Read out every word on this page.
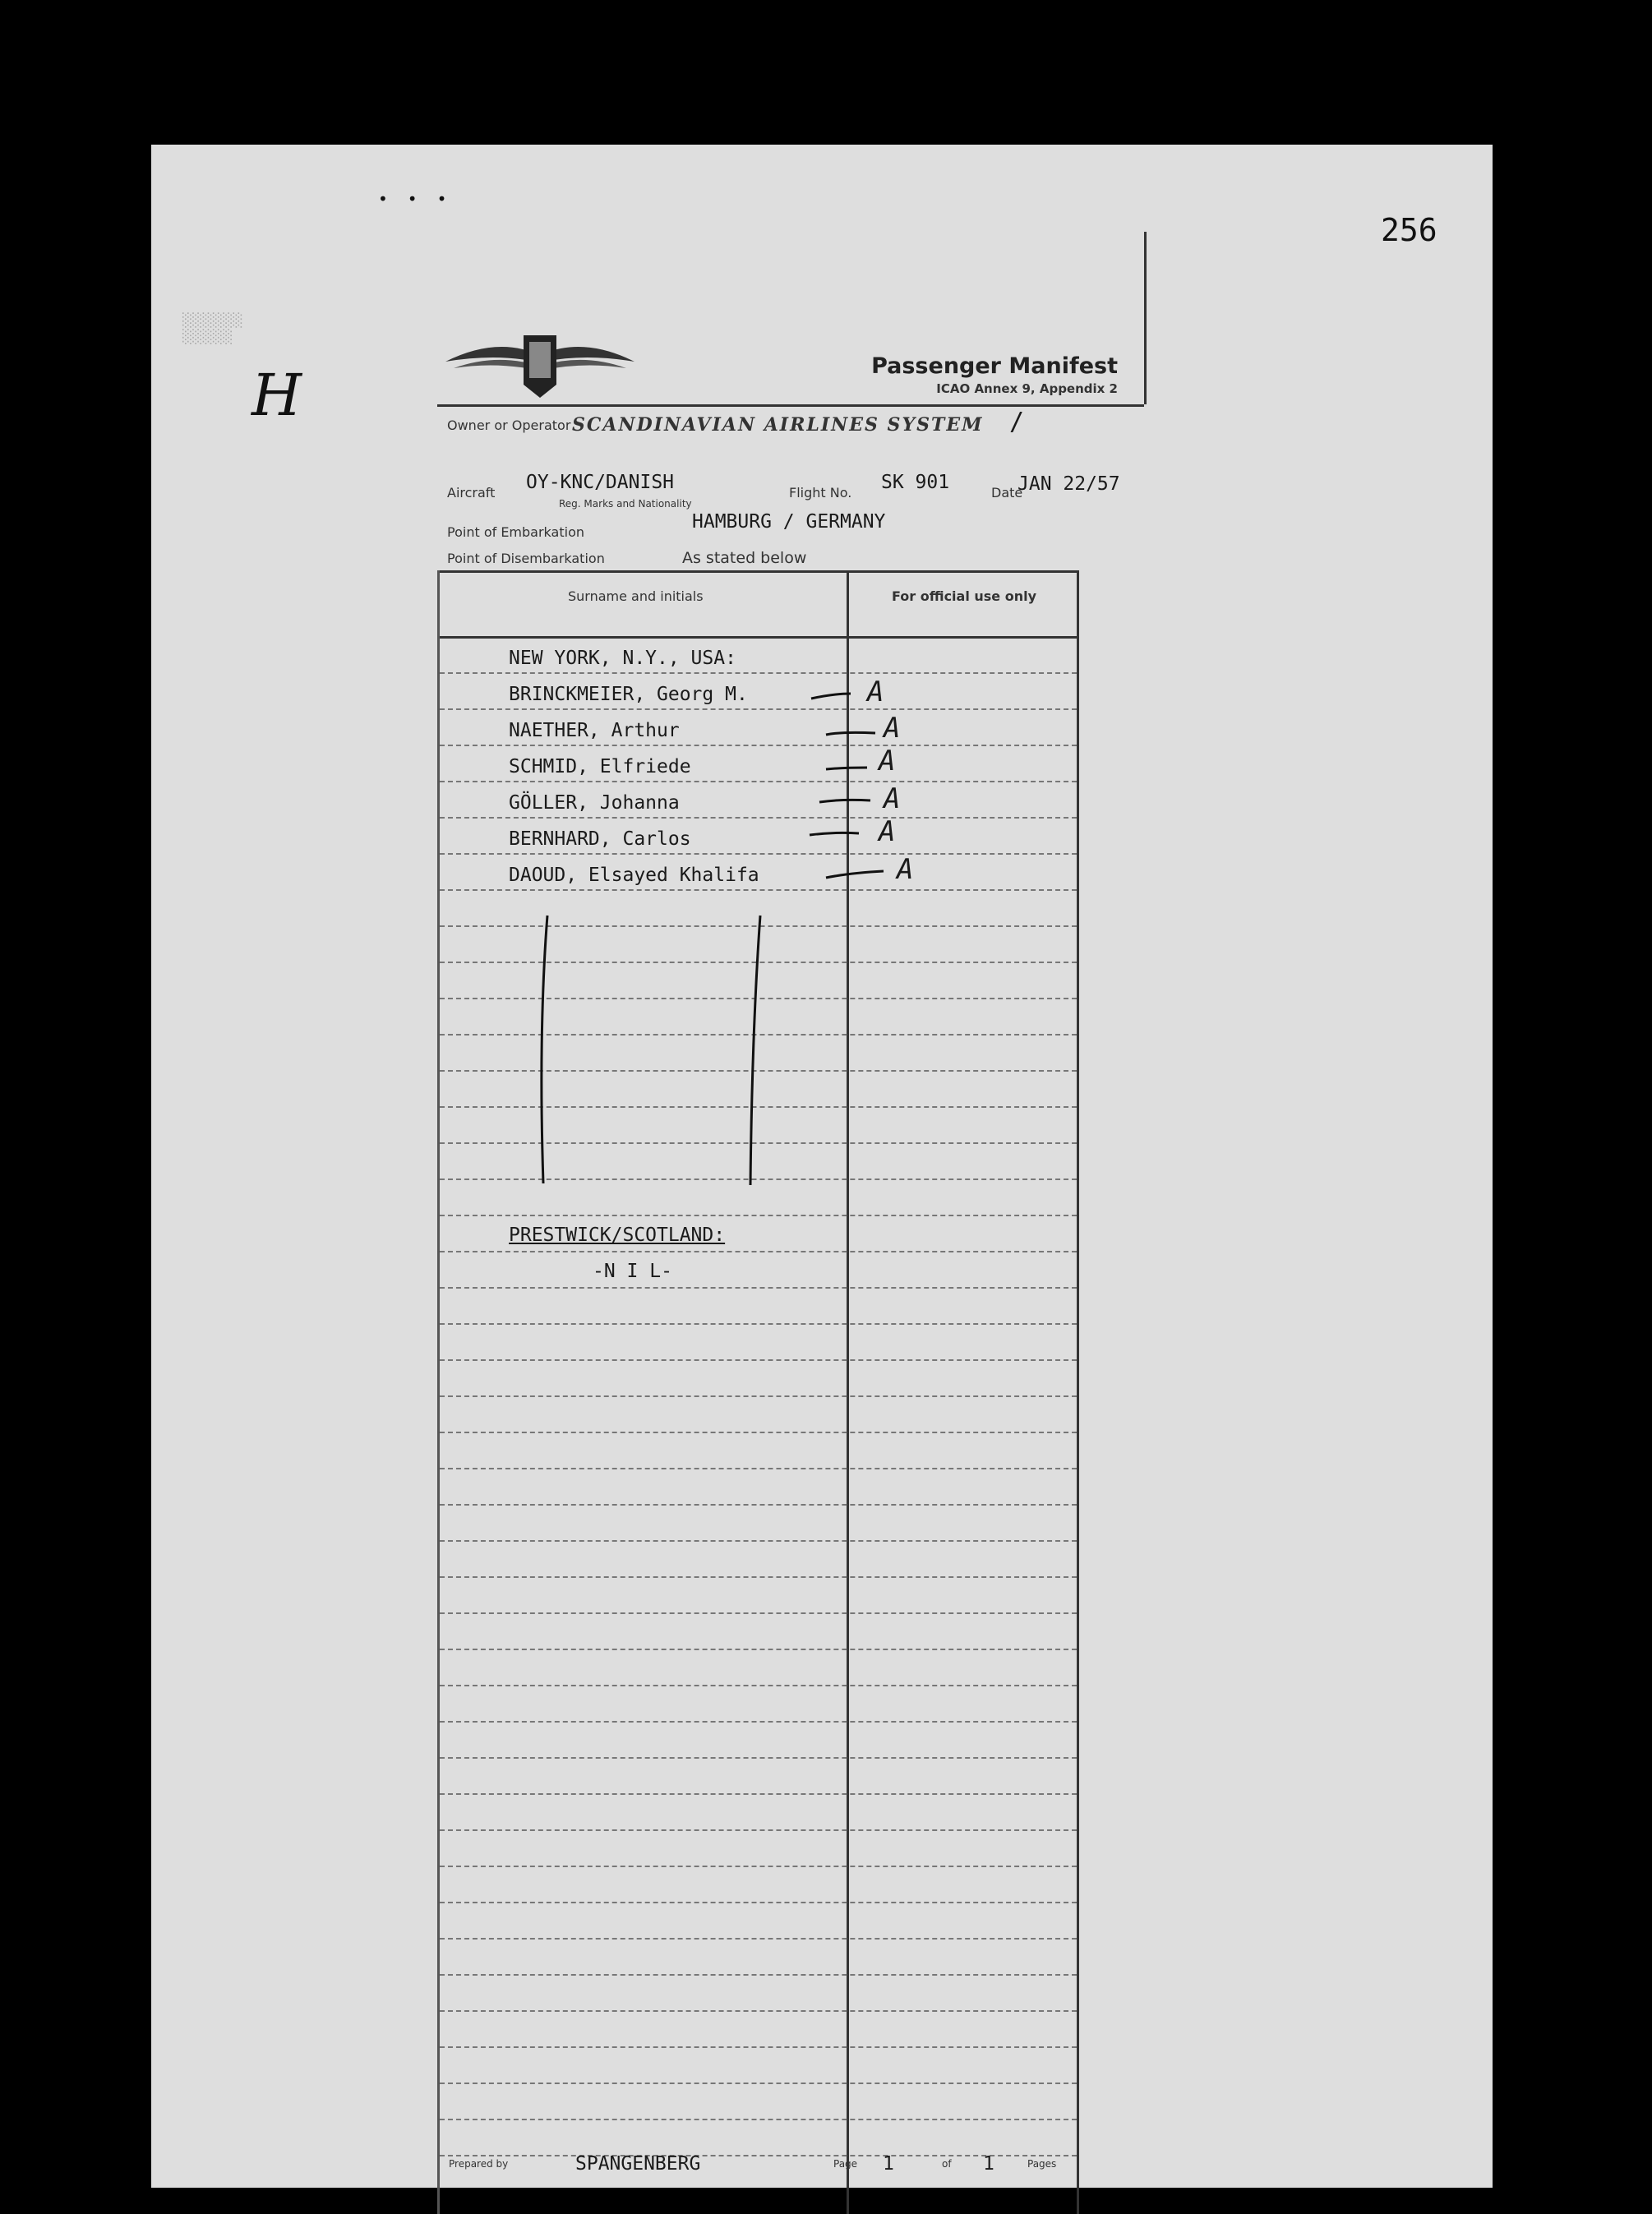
256
•••
H
░░░░░░
░░░░░
Passenger Manifest
ICAO Annex 9, Appendix 2
Owner or Operator SCANDINAVIAN AIRLINES SYSTEM /
Aircraft OY-KNC/DANISH
Reg. Marks and Nationality
Flight No. SK 901	Date
JAN 22/57
Point of Embarkation	HAMBURG / GERMANY
Point of Disembarkation	As stated below
Surname and initials	For official use only
NEW YORK, N.Y., USA:
BRINCKMEIER, Georg M.	A
NAETHER, Arthur	A
SCHMID, Elfriede	A
GÖLLER, Johanna	A
BERNHARD, Carlos	A
DAOUD, Elsayed Khalifa	A
PRESTWICK/SCOTLAND:
-N I L-
Prepared by	SPANGENBERG	Page 1	of 1	Pages
